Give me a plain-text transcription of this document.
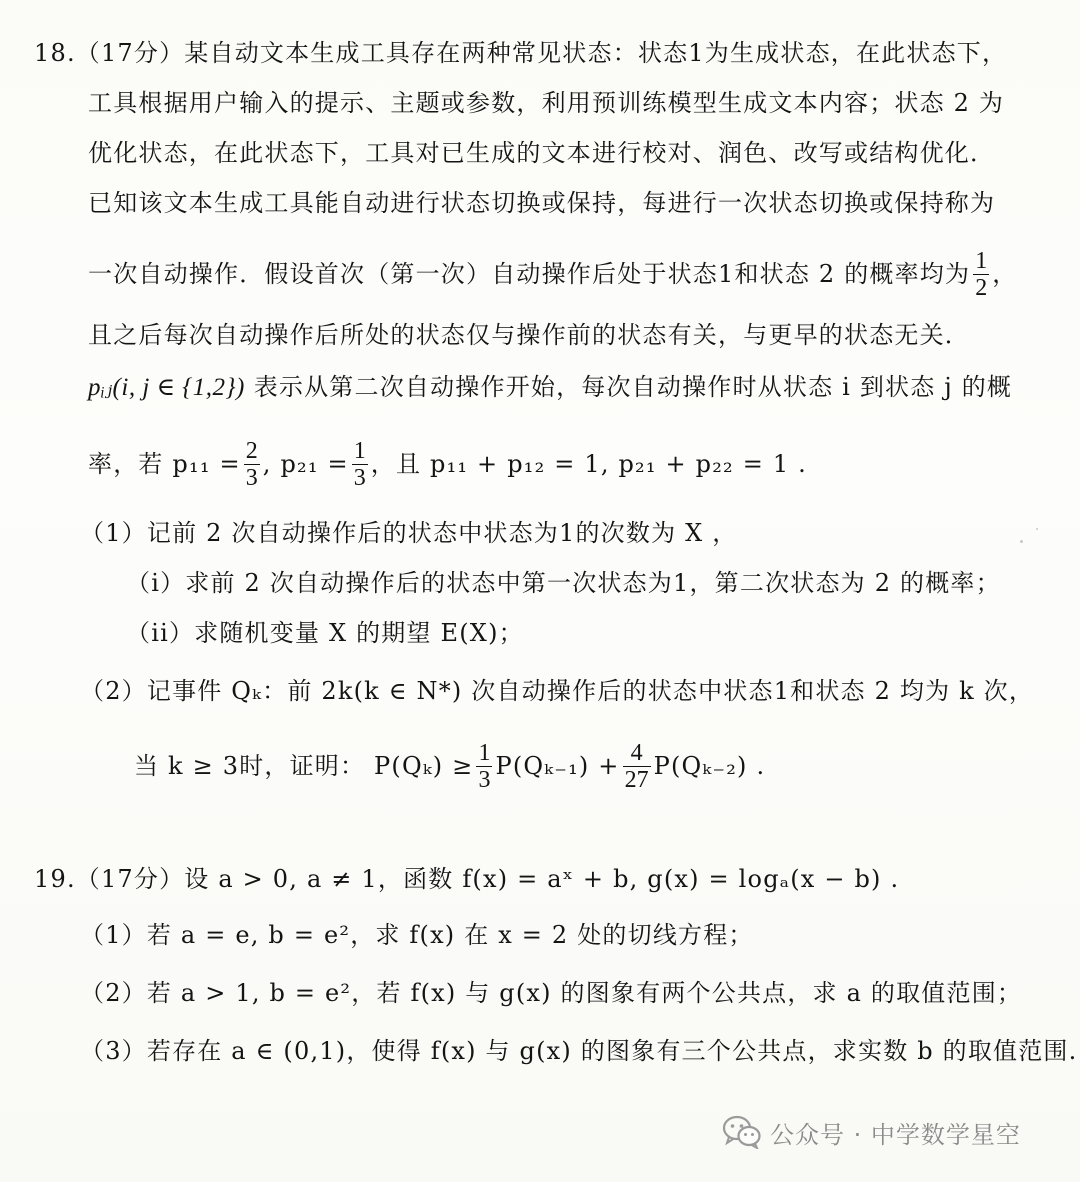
18.（17分）某自动文本生成工具存在两种常见状态：状态1为生成状态，在此状态下，
工具根据用户输入的提示、主题或参数，利用预训练模型生成文本内容；状态 2 为
优化状态，在此状态下，工具对已生成的文本进行校对、润色、改写或结构优化．
已知该文本生成工具能自动进行状态切换或保持，每进行一次状态切换或保持称为
一次自动操作．假设首次（第一次）自动操作后处于状态1和状态 2 的概率均为 $\frac{1}{2}$ ，
且之后每次自动操作后所处的状态仅与操作前的状态有关，与更早的状态无关．
pᵢⱼ(i, j ∈ {1,2}) 表示从第二次自动操作开始，每次自动操作时从状态 i 到状态 j 的概
率，若 $p_{11} = \frac{2}{3}$ , $p_{21} = \frac{1}{3}$ ，且 p₁₁ + p₁₂ = 1, p₂₁ + p₂₂ = 1 .
（1）记前 2 次自动操作后的状态中状态为1的次数为 X ，
（i）求前 2 次自动操作后的状态中第一次状态为1，第二次状态为 2 的概率；
（ii）求随机变量 X 的期望 E(X)；
（2）记事件 Qₖ：前 2k(k ∈ N*) 次自动操作后的状态中状态1和状态 2 均为 k 次，
当 k ≥ 3时，证明： $P(Q_k) \ge \frac{1}{3} P(Q_{k-1}) + \frac{4}{27} P(Q_{k-2})$ .
19.（17分）设 a > 0, a ≠ 1，函数 f(x) = aˣ + b, g(x) = logₐ(x − b) .
（1）若 a = e, b = e²，求 f(x) 在 x = 2 处的切线方程；
（2）若 a > 1, b = e²，若 f(x) 与 g(x) 的图象有两个公共点，求 a 的取值范围；
（3）若存在 a ∈ (0,1)，使得 f(x) 与 g(x) 的图象有三个公共点，求实数 b 的取值范围.
公众号 · 中学数学星空
